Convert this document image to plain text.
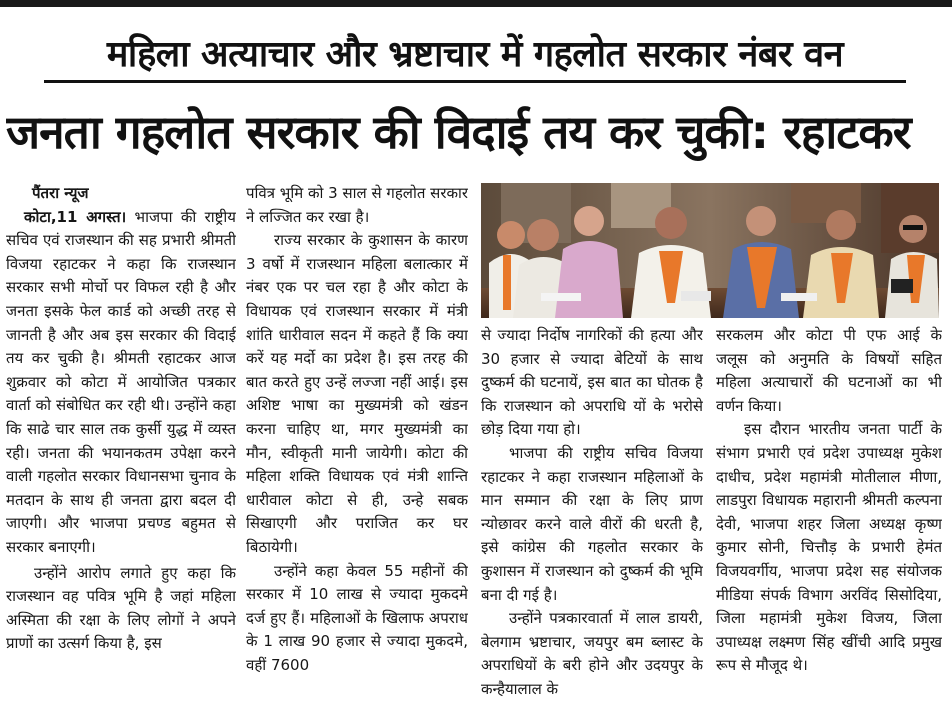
महिला अत्याचार और भ्रष्टाचार में गहलोत सरकार नंबर वन
जनता गहलोत सरकार की विदाई तय कर चुकी: रहाटकर
पैंतरा न्यूज

कोटा,11 अगस्त। भाजपा की राष्ट्रीय सचिव एवं राजस्थान की सह प्रभारी श्रीमती विजया रहाटकर ने कहा कि राजस्थान सरकार सभी मोर्चो पर विफल रही है और जनता इसके फेल कार्ड को अच्छी तरह से जानती है और अब इस सरकार की विदाई तय कर चुकी है। श्रीमती रहाटकर आज शुक्रवार को कोटा में आयोजित पत्रकार वार्ता को संबोधित कर रही थी। उन्होंने कहा कि साढे चार साल तक कुर्सी युद्ध में व्यस्त रही। जनता की भयानकतम उपेक्षा करने वाली गहलोत सरकार विधानसभा चुनाव के मतदान के साथ ही जनता द्वारा बदल दी जाएगी। और भाजपा प्रचण्ड बहुमत से सरकार बनाएगी।

उन्होंने आरोप लगाते हुए कहा कि राजस्थान वह पवित्र भूमि है जहां महिला अस्मिता की रक्षा के लिए लोगों ने अपने प्राणों का उत्सर्ग किया है, इस

पवित्र भूमि को 3 साल से गहलोत सरकार ने लज्जित कर रखा है।

राज्य सरकार के कुशासन के कारण 3 वर्षो में राजस्थान महिला बलात्कार में नंबर एक पर चल रहा है और कोटा के विधायक एवं राजस्थान सरकार में मंत्री शांति धारीवाल सदन में कहते हैं कि क्या करें यह मर्दो का प्रदेश है। इस तरह की बात करते हुए उन्हें लज्जा नहीं आई। इस अशिष्ट भाषा का मुख्यमंत्री को खंडन करना चाहिए था, मगर मुख्यमंत्री का मौन, स्वीकृती मानी जायेगी। कोटा की महिला शक्ति विधायक एवं मंत्री शान्ति धारीवाल कोटा से ही, उन्हे सबक सिखाएगी और पराजित कर घर बिठायेगी।

उन्होंने कहा केवल 55 महीनों की सरकार में 10 लाख से ज्यादा मुकदमे दर्ज हुए हैं। महिलाओं के खिलाफ अपराध के 1 लाख 90 हजार से ज्यादा मुकदमे, वहीं 7600

से ज्यादा निर्दोष नागरिकों की हत्या और 30 हजार से ज्यादा बेटियों के साथ दुष्कर्म की घटनायें, इस बात का घोतक है कि राजस्थान को अपराधि यों के भरोसे छोड़ दिया गया हो।

भाजपा की राष्ट्रीय सचिव विजया रहाटकर ने कहा राजस्थान महिलाओं के मान सम्मान की रक्षा के लिए प्राण न्योछावर करने वाले वीरों की धरती है, इसे कांग्रेस की गहलोत सरकार के कुशासन में राजस्थान को दुष्कर्म की भूमि बना दी गई है।

उन्होंने पत्रकारवार्ता में लाल डायरी, बेलगाम भ्रष्टाचार, जयपुर बम ब्लास्ट के अपराधियों के बरी होने और उदयपुर के कन्हैयालाल के

सरकलम और कोटा पी एफ आई के जलूस को अनुमति के विषयों सहित महिला अत्याचारों की घटनाओं का भी वर्णन किया।

इस दौरान भारतीय जनता पार्टी के संभाग प्रभारी एवं प्रदेश उपाध्यक्ष मुकेश दाधीच, प्रदेश महामंत्री मोतीलाल मीणा, लाडपुरा विधायक महारानी श्रीमती कल्पना देवी, भाजपा शहर जिला अध्यक्ष कृष्ण कुमार सोनी, चित्तौड़ के प्रभारी हेमंत विजयवर्गीय, भाजपा प्रदेश सह संयोजक मीडिया संपर्क विभाग अरविंद सिसोदिया, जिला महामंत्री मुकेश विजय, जिला उपाध्यक्ष लक्ष्मण सिंह खींची आदि प्रमुख रूप से मौजूद थे।
